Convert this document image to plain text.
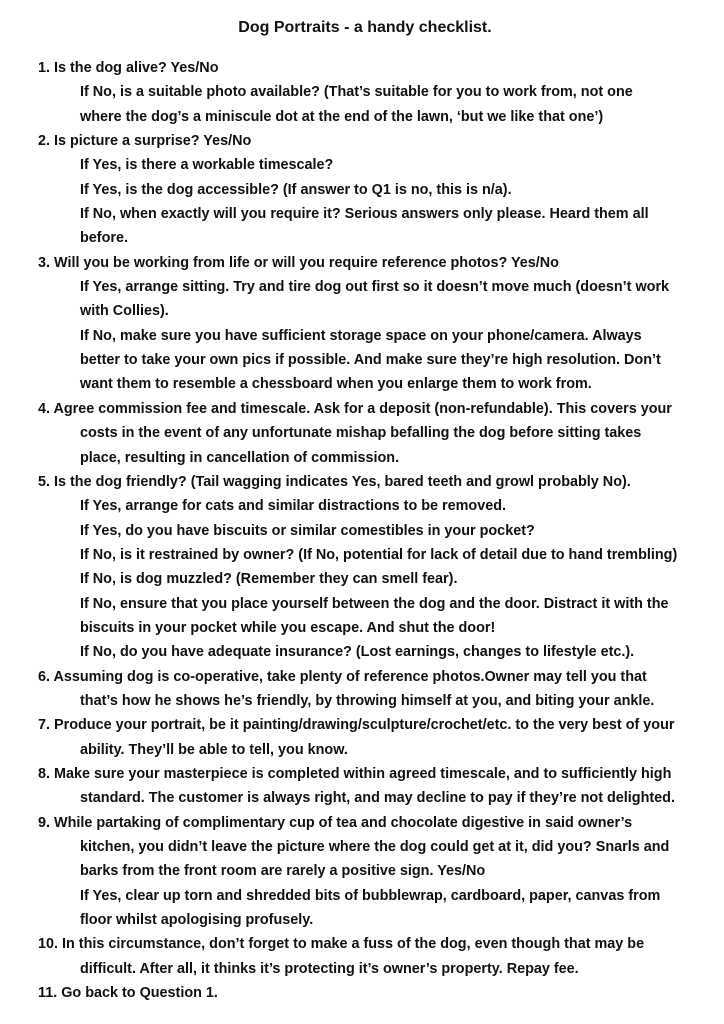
Dog Portraits - a handy checklist.
1. Is the dog alive? Yes/No
If No, is a suitable photo available? (That’s suitable for you to work from, not one
where the dog’s a miniscule dot at the end of the lawn, ‘but we like that one’)
2. Is picture a surprise? Yes/No
If Yes, is there a workable timescale?
If Yes, is the dog accessible? (If answer to Q1 is no, this is n/a).
If No, when exactly will you require it? Serious answers only please. Heard them all
before.
3. Will you be working from life or will you require reference photos? Yes/No
If Yes, arrange sitting. Try and tire dog out first so it doesn’t move much (doesn’t work
with Collies).
If No, make sure you have sufficient storage space on your phone/camera. Always
better to take your own pics if possible. And make sure they’re high resolution. Don’t
want them to resemble a chessboard when you enlarge them to work from.
4. Agree commission fee and timescale. Ask for a deposit (non-refundable). This covers your
costs in the event of any unfortunate mishap befalling the dog before sitting takes
place, resulting in cancellation of commission.
5. Is the dog friendly? (Tail wagging indicates Yes, bared teeth and growl probably No).
If Yes, arrange for cats and similar distractions to be removed.
If Yes, do you have biscuits or similar comestibles in your pocket?
If No, is it restrained by owner? (If No, potential for lack of detail due to hand trembling)
If No, is dog muzzled? (Remember they can smell fear).
If No, ensure that you place yourself between the dog and the door. Distract it with the
biscuits in your pocket while you escape. And shut the door!
If No, do you have adequate insurance? (Lost earnings, changes to lifestyle etc.).
6. Assuming dog is co-operative, take plenty of reference photos.Owner may tell you that
that’s how he shows he’s friendly, by throwing himself at you, and biting your ankle.
7. Produce your portrait, be it painting/drawing/sculpture/crochet/etc. to the very best of your
ability. They’ll be able to tell, you know.
8. Make sure your masterpiece is completed within agreed timescale, and to sufficiently high
standard. The customer is always right, and may decline to pay if they’re not delighted.
9. While partaking of complimentary cup of tea and chocolate digestive in said owner’s
kitchen, you didn’t leave the picture where the dog could get at it, did you? Snarls and
barks from the front room are rarely a positive sign. Yes/No
If Yes, clear up torn and shredded bits of bubblewrap, cardboard, paper, canvas from
floor whilst apologising profusely.
10. In this circumstance, don’t forget to make a fuss of the dog, even though that may be
difficult. After all, it thinks it’s protecting it’s owner’s property. Repay fee.
11. Go back to Question 1.
